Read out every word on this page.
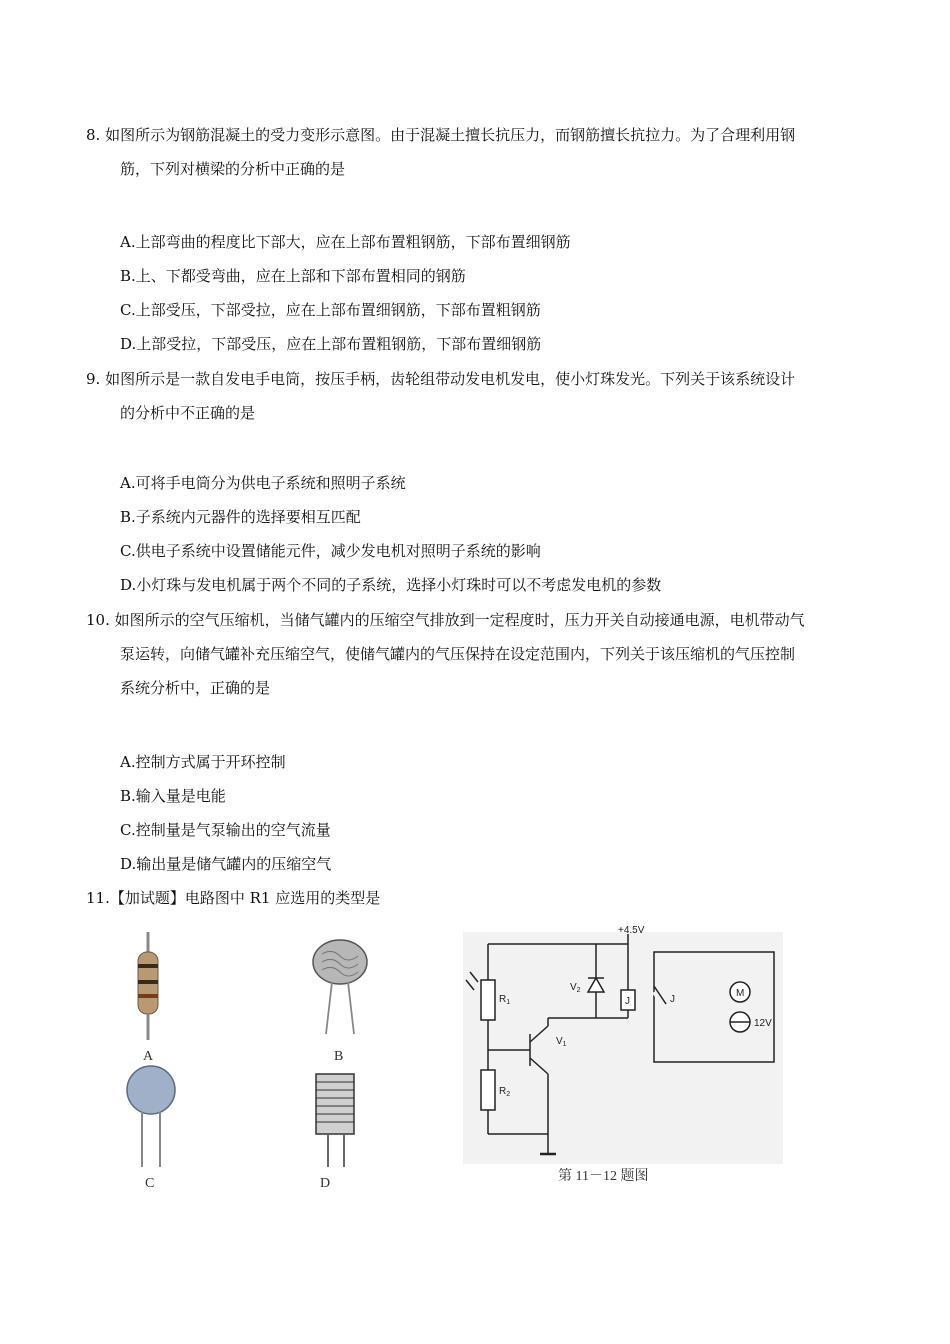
8. 如图所示为钢筋混凝土的受力变形示意图。由于混凝土擅长抗压力，而钢筋擅长抗拉力。为了合理利用钢
筋，下列对横梁的分析中正确的是
A.上部弯曲的程度比下部大，应在上部布置粗钢筋，下部布置细钢筋
B.上、下都受弯曲，应在上部和下部布置相同的钢筋
C.上部受压，下部受拉，应在上部布置细钢筋，下部布置粗钢筋
D.上部受拉，下部受压，应在上部布置粗钢筋，下部布置细钢筋
9. 如图所示是一款自发电手电筒，按压手柄，齿轮组带动发电机发电，使小灯珠发光。下列关于该系统设计
的分析中不正确的是
A.可将手电筒分为供电子系统和照明子系统
B.子系统内元器件的选择要相互匹配
C.供电子系统中设置储能元件，减少发电机对照明子系统的影响
D.小灯珠与发电机属于两个不同的子系统，选择小灯珠时可以不考虑发电机的参数
10. 如图所示的空气压缩机，当储气罐内的压缩空气排放到一定程度时，压力开关自动接通电源，电机带动气
泵运转，向储气罐补充压缩空气，使储气罐内的气压保持在设定范围内，下列关于该压缩机的气压控制
系统分析中，正确的是
A.控制方式属于开环控制
B.输入量是电能
C.控制量是气泵输出的空气流量
D.输出量是储气罐内的压缩空气
11.【加试题】电路图中 R1 应选用的类型是
A	B
C	D
+4.5V
$R_1$
$R_2$
$V_2$
$V_1$
J	J
M
12V
第 11－12 题图
